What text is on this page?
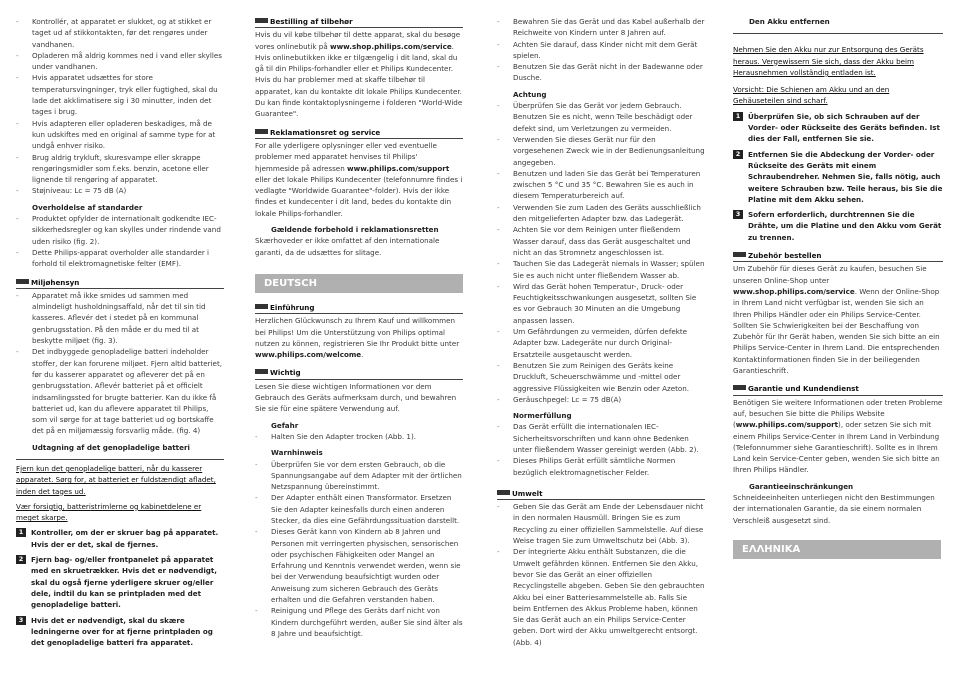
- Kontrollér, at apparatet er slukket, og at stikket er taget ud af stikkontakten, før det rengøres under vandhanen.

- Opladeren må aldrig kommes ned i vand eller skylles under vandhanen.

- Hvis apparatet udsættes for store temperatursvingninger, tryk eller fugtighed, skal du lade det akklimatisere sig i 30 minutter, inden det tages i brug.

- Hvis adapteren eller opladeren beskadiges, må de kun udskiftes med en original af samme type for at undgå enhver risiko.

- Brug aldrig trykluft, skuresvampe eller skrappe rengøringsmidler som f.eks. benzin, acetone eller lignende til rengøring af apparatet.

- Støjniveau: Lc = 75 dB (A)

Overholdelse af standarder

- Produktet opfylder de internationalt godkendte IEC-sikkerhedsregler og kan skylles under rindende vand uden risiko (fig. 2).

- Dette Philips-apparat overholder alle standarder i forhold til elektromagnetiske felter (EMF).

Miljøhensyn

- Apparatet må ikke smides ud sammen med almindeligt husholdningsaffald, når det til sin tid kasseres. Aflevér det i stedet på en kommunal genbrugsstation. På den måde er du med til at beskytte miljøet (fig. 3).

- Det indbyggede genopladelige batteri indeholder stoffer, der kan forurene miljøet. Fjern altid batteriet, før du kasserer apparatet og afleverer det på en genbrugsstation. Aflevér batteriet på et officielt indsamlingssted for brugte batterier. Kan du ikke få batteriet ud, kan du aflevere apparatet til Philips, som vil sørge for at tage batteriet ud og bortskaffe det på en miljømæssig forsvarlig måde. (fig. 4)

Udtagning af det genopladelige batteri

Fjern kun det genopladelige batteri, når du kasserer apparatet. Sørg for, at batteriet er fuldstændigt afladet, inden det tages ud.

Vær forsigtig, batteristrimlerne og kabinetdelene er meget skarpe.

1	Kontroller, om der er skruer bag på apparatet. Hvis der er det, skal de fjernes.
2	Fjern bag- og/eller frontpanelet på apparatet med en skruetrækker. Hvis det er nødvendigt, skal du også fjerne yderligere skruer og/eller dele, indtil du kan se printpladen med det genopladelige batteri.
3	Hvis det er nødvendigt, skal du skære ledningerne over for at fjerne printpladen og det genopladelige batteri fra apparatet.
Bestilling af tilbehør

Hvis du vil købe tilbehør til dette apparat, skal du besøge vores onlinebutik på www.shop.philips.com/service. Hvis onlinebutikken ikke er tilgængelig i dit land, skal du gå til din Philips-forhandler eller et Philips Kundecenter. Hvis du har problemer med at skaffe tilbehør til apparatet, kan du kontakte dit lokale Philips Kundecenter. Du kan finde kontaktoplysningerne i folderen "World-Wide Guarantee".

Reklamationsret og service

For alle yderligere oplysninger eller ved eventuelle problemer med apparatet henvises til Philips' hjemmeside på adressen www.philips.com/support eller det lokale Philips Kundecenter (telefonnumre findes i vedlagte "Worldwide Guarantee"-folder). Hvis der ikke findes et kundecenter i dit land, bedes du kontakte din lokale Philips-forhandler.

Gældende forbehold i reklamationsretten

Skærhoveder er ikke omfattet af den internationale garanti, da de udsættes for slitage.

DEUTSCH
Einführung

Herzlichen Glückwunsch zu Ihrem Kauf und willkommen bei Philips! Um die Unterstützung von Philips optimal nutzen zu können, registrieren Sie Ihr Produkt bitte unter www.philips.com/welcome.

Wichtig

Lesen Sie diese wichtigen Informationen vor dem Gebrauch des Geräts aufmerksam durch, und bewahren Sie sie für eine spätere Verwendung auf.

Gefahr

- Halten Sie den Adapter trocken (Abb. 1).

Warnhinweis

- Überprüfen Sie vor dem ersten Gebrauch, ob die Spannungsangabe auf dem Adapter mit der örtlichen Netzspannung übereinstimmt.

- Der Adapter enthält einen Transformator. Ersetzen Sie den Adapter keinesfalls durch einen anderen Stecker, da dies eine Gefährdungssituation darstellt.

- Dieses Gerät kann von Kindern ab 8 Jahren und Personen mit verringerten physischen, sensorischen oder psychischen Fähigkeiten oder Mangel an Erfahrung und Kenntnis verwendet werden, wenn sie bei der Verwendung beaufsichtigt wurden oder Anweisung zum sicheren Gebrauch des Geräts erhalten und die Gefahren verstanden haben.

- Reinigung und Pflege des Geräts darf nicht von Kindern durchgeführt werden, außer Sie sind älter als 8 Jahre und beaufsichtigt.

- Bewahren Sie das Gerät und das Kabel außerhalb der Reichweite von Kindern unter 8 Jahren auf.

- Achten Sie darauf, dass Kinder nicht mit dem Gerät spielen.

- Benutzen Sie das Gerät nicht in der Badewanne oder Dusche.

Achtung

- Überprüfen Sie das Gerät vor jedem Gebrauch. Benutzen Sie es nicht, wenn Teile beschädigt oder defekt sind, um Verletzungen zu vermeiden.

- Verwenden Sie dieses Gerät nur für den vorgesehenen Zweck wie in der Bedienungsanleitung angegeben.

- Benutzen und laden Sie das Gerät bei Temperaturen zwischen 5 °C und 35 °C. Bewahren Sie es auch in diesem Temperaturbereich auf.

- Verwenden Sie zum Laden des Geräts ausschließlich den mitgelieferten Adapter bzw. das Ladegerät.

- Achten Sie vor dem Reinigen unter fließendem Wasser darauf, dass das Gerät ausgeschaltet und nicht an das Stromnetz angeschlossen ist.

- Tauchen Sie das Ladegerät niemals in Wasser; spülen Sie es auch nicht unter fließendem Wasser ab.

- Wird das Gerät hohen Temperatur-, Druck- oder Feuchtigkeitsschwankungen ausgesetzt, sollten Sie es vor Gebrauch 30 Minuten an die Umgebung anpassen lassen.

- Um Gefährdungen zu vermeiden, dürfen defekte Adapter bzw. Ladegeräte nur durch Original-Ersatzteile ausgetauscht werden.

- Benutzen Sie zum Reinigen des Geräts keine Druckluft, Scheuerschwämme und -mittel oder aggressive Flüssigkeiten wie Benzin oder Azeton.

- Geräuschpegel: Lc = 75 dB(A)

Normerfüllung

- Das Gerät erfüllt die internationalen IEC-Sicherheitsvorschriften und kann ohne Bedenken unter fließendem Wasser gereinigt werden (Abb. 2).

- Dieses Philips Gerät erfüllt sämtliche Normen bezüglich elektromagnetischer Felder.

Umwelt

- Geben Sie das Gerät am Ende der Lebensdauer nicht in den normalen Hausmüll. Bringen Sie es zum Recycling zu einer offiziellen Sammelstelle. Auf diese Weise tragen Sie zum Umweltschutz bei (Abb. 3).

- Der integrierte Akku enthält Substanzen, die die Umwelt gefährden können. Entfernen Sie den Akku, bevor Sie das Gerät an einer offiziellen Recyclingstelle abgeben. Geben Sie den gebrauchten Akku bei einer Batteriesammelstelle ab. Falls Sie beim Entfernen des Akkus Probleme haben, können Sie das Gerät auch an ein Philips Service-Center geben. Dort wird der Akku umweltgerecht entsorgt. (Abb. 4)

Den Akku entfernen

Nehmen Sie den Akku nur zur Entsorgung des Geräts heraus. Vergewissern Sie sich, dass der Akku beim Herausnehmen vollständig entladen ist.

Vorsicht: Die Schienen am Akku und an den Gehäuseteilen sind scharf.

1	Überprüfen Sie, ob sich Schrauben auf der Vorder- oder Rückseite des Geräts befinden. Ist dies der Fall, entfernen Sie sie.
2	Entfernen Sie die Abdeckung der Vorder- oder Rückseite des Geräts mit einem Schraubendreher. Nehmen Sie, falls nötig, auch weitere Schrauben bzw. Teile heraus, bis Sie die Platine mit dem Akku sehen.
3	Sofern erforderlich, durchtrennen Sie die Drähte, um die Platine und den Akku vom Gerät zu trennen.
Zubehör bestellen

Um Zubehör für dieses Gerät zu kaufen, besuchen Sie unseren Online-Shop unter www.shop.philips.com/service. Wenn der Online-Shop in Ihrem Land nicht verfügbar ist, wenden Sie sich an Ihren Philips Händler oder ein Philips Service-Center. Sollten Sie Schwierigkeiten bei der Beschaffung von Zubehör für Ihr Gerät haben, wenden Sie sich bitte an ein Philips Service-Center in Ihrem Land. Die entsprechenden Kontaktinformationen finden Sie in der beiliegenden Garantieschrift.

Garantie und Kundendienst

Benötigen Sie weitere Informationen oder treten Probleme auf, besuchen Sie bitte die Philips Website (www.philips.com/support), oder setzen Sie sich mit einem Philips Service-Center in Ihrem Land in Verbindung (Telefonnummer siehe Garantieschrift). Sollte es in Ihrem Land kein Service-Center geben, wenden Sie sich bitte an Ihren Philips Händler.

Garantieeinschränkungen

Schneideeinheiten unterliegen nicht den Bestimmungen der internationalen Garantie, da sie einem normalen Verschleiß ausgesetzt sind.

ΕΛΛΗΝΙΚΑ
